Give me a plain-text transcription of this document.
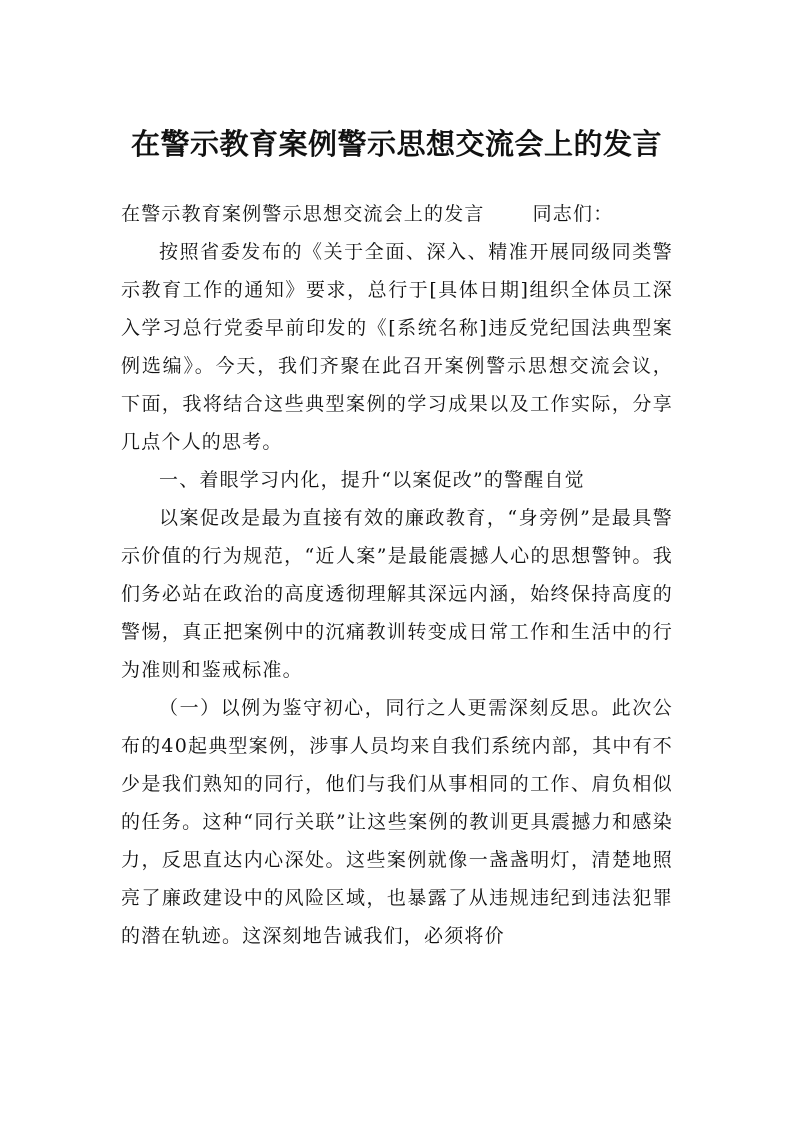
在警示教育案例警示思想交流会上的发言

在警示教育案例警示思想交流会上的发言	同志们：

按照省委发布的《关于全面、深入、精准开展同级同类警示教育工作的通知》要求，总行于[具体日期]组织全体员工深入学习总行党委早前印发的《[系统名称]违反党纪国法典型案例选编》。今天，我们齐聚在此召开案例警示思想交流会议，下面，我将结合这些典型案例的学习成果以及工作实际，分享几点个人的思考。

一、着眼学习内化，提升“以案促改”的警醒自觉

以案促改是最为直接有效的廉政教育，“身旁例”是最具警示价值的行为规范，“近人案”是最能震撼人心的思想警钟。我们务必站在政治的高度透彻理解其深远内涵，始终保持高度的警惕，真正把案例中的沉痛教训转变成日常工作和生活中的行为准则和鉴戒标准。

（一）以例为鉴守初心，同行之人更需深刻反思。此次公布的40起典型案例，涉事人员均来自我们系统内部，其中有不少是我们熟知的同行，他们与我们从事相同的工作、肩负相似的任务。这种“同行关联”让这些案例的教训更具震撼力和感染力，反思直达内心深处。这些案例就像一盏盏明灯，清楚地照亮了廉政建设中的风险区域，也暴露了从违规违纪到违法犯罪的潜在轨迹。这深刻地告诫我们，必须将价
